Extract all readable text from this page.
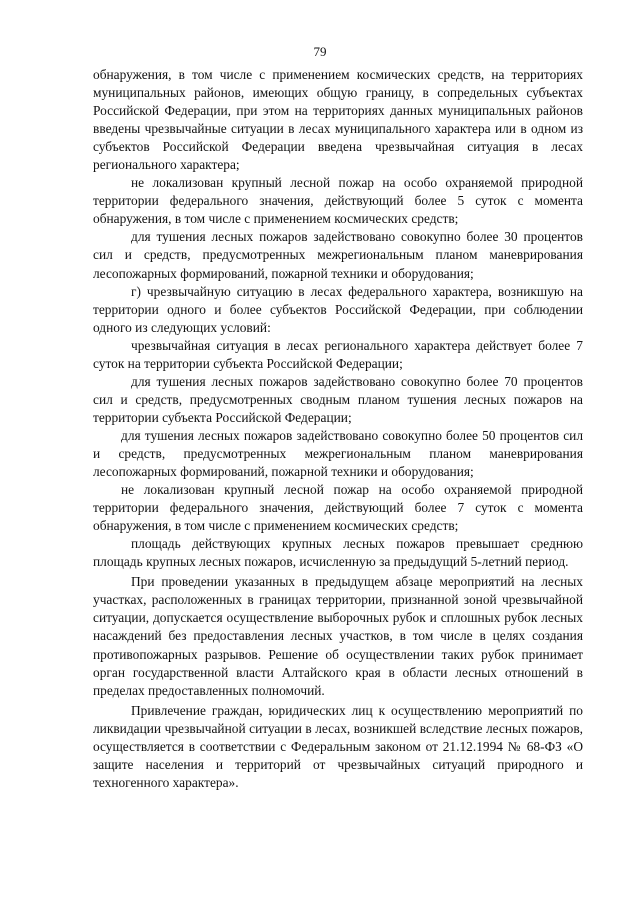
79

обнаружения, в том числе с применением космических средств, на территориях муниципальных районов, имеющих общую границу, в сопредельных субъектах Российской Федерации, при этом на территориях данных муниципальных районов введены чрезвычайные ситуации в лесах муниципального характера или в одном из субъектов Российской Федерации введена чрезвычайная ситуация в лесах регионального характера;

не локализован крупный лесной пожар на особо охраняемой природной территории федерального значения, действующий более 5 суток с момента обнаружения, в том числе с применением космических средств;

для тушения лесных пожаров задействовано совокупно более 30 процентов сил и средств, предусмотренных межрегиональным планом маневрирования лесопожарных формирований, пожарной техники и оборудования;

г) чрезвычайную ситуацию в лесах федерального характера, возникшую на территории одного и более субъектов Российской Федерации, при соблюдении одного из следующих условий:

чрезвычайная ситуация в лесах регионального характера действует более 7 суток на территории субъекта Российской Федерации;

для тушения лесных пожаров задействовано совокупно более 70 процентов сил и средств, предусмотренных сводным планом тушения лесных пожаров на территории субъекта Российской Федерации;

для тушения лесных пожаров задействовано совокупно более 50 процентов сил и средств, предусмотренных межрегиональным планом маневрирования лесопожарных формирований, пожарной техники и оборудования;

не локализован крупный лесной пожар на особо охраняемой природной территории федерального значения, действующий более 7 суток с момента обнаружения, в том числе с применением космических средств;

площадь действующих крупных лесных пожаров превышает среднюю площадь крупных лесных пожаров, исчисленную за предыдущий 5-летний период.

При проведении указанных в предыдущем абзаце мероприятий на лесных участках, расположенных в границах территории, признанной зоной чрезвычайной ситуации, допускается осуществление выборочных рубок и сплошных рубок лесных насаждений без предоставления лесных участков, в том числе в целях создания противопожарных разрывов. Решение об осуществлении таких рубок принимает орган государственной власти Алтайского края в области лесных отношений в пределах предоставленных полномочий.

Привлечение граждан, юридических лиц к осуществлению мероприятий по ликвидации чрезвычайной ситуации в лесах, возникшей вследствие лесных пожаров, осуществляется в соответствии с Федеральным законом от 21.12.1994 № 68-ФЗ «О защите населения и территорий от чрезвычайных ситуаций природного и техногенного характера».
